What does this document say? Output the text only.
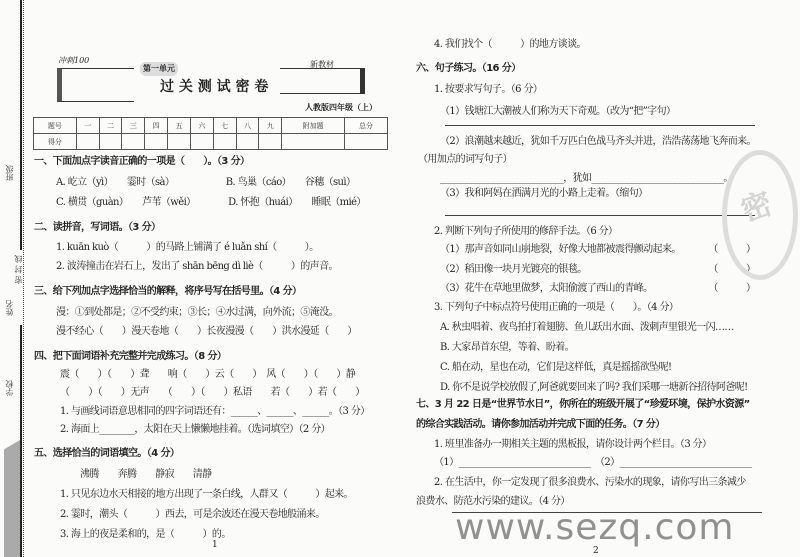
班级
姓名
密 封 线
学校
冲刺100
第一单元
过 关 测 试 密 卷
新教材
人教版四年级（上）
题号	一	二	三	四	五	六	七	八	九	附加题	总分
得分											
一、下面加点字读音正确的一项是（　　）。（3 分）
A. 屹立（yì）　　霎时（sà）　　　　　　B. 鸟巢（cáo）　　谷穗（suì）
C. 横贯（guàn）　　芦苇（wěi）　　　　D. 怀抱（huái）　　睡眠（mié）
二、读拼音，写词语。（3 分）
1. kuān kuò（　　　）的马路上铺满了 é luǎn shí（　　　）。
2. 波涛撞击在岩石上，发出了 shān bēng dì liè（　　　）的声音。
三、给下列加点字选择恰当的解释，将序号写在括号里。（4 分）
漫：①到处都是；②不受约束；③长；④水过满，向外流；⑤淹没。
漫不经心（　　）漫天卷地（　　）长夜漫漫（　　）洪水漫延（　　）
四、把下面词语补充完整并完成练习。（8 分）
震（　　）（　　）聋　　响（　　）云（　　）　风（　　）（　　）静
（　　）（　　）无声　　（　　）（　　）私语　　若（　　）若（　　）
1. 与画线词语意思相同的四字词语还有：______、______、______。（3 分）
2. 海面上________，太阳在天上懒懒地挂着。（选词填空）（2 分）
五、选择恰当的词语填空。（4 分）
沸腾　　奔腾　　静寂　　清静
1. 只见东边水天相接的地方出现了一条白线，人群又（　　　）起来。
2. 霎时，潮头（　　　）西去，可是余波还在漫天卷地般涌来。
3. 海上的夜是柔和的，是（　　　）的。
4. 我们找个（　　　）的地方谈谈。
六、句子练习。（16 分）
1. 按要求写句子。（6 分）
（1）钱塘江大潮被人们称为天下奇观。（改为“把”字句）
（2）浪潮越来越近，犹如千万匹白色战马齐头并进，浩浩荡荡地飞奔而来。
（用加点的词写句子）
____________________________，犹如______________________________。
（3）我和阿妈在洒满月光的小路上走着。（缩句）
2. 判断下列句子所使用的修辞手法。（6 分）
（1）那声音如同山崩地裂，好像大地都被震得颤动起来。　　　　（　　　）
（2）稻田像一块月光镀亮的银毯。　　　　　　　　　　　　　　（　　　）
（3）花牛在草地里做梦，太阳偷渡了西山的青峰。　　　　　　　（　　　）
3. 下列句子中标点符号使用正确的一项是（　　）。（4 分）
A. 秋虫唱着、夜鸟拍打着翅膀、鱼儿跃出水面、泼刺声里银光一闪……
B. 大家昂首东望，等着、盼着。
C. 船在动，星也在动，它们是这样低，真是摇摇欲坠呢!
D. 你不是说学校放假了,阿爸就要回来了吗? 我们采哪一塘新谷招待阿爸呢!
七、3 月 22 日是“世界节水日”，你所在的班级开展了“珍爱环境，保护水资源”
的综合实践活动。请你参加活动并完成下面的任务。（7 分）
1. 班里准备办一期相关主题的黑板报，请你设计两个栏目。（3 分）
（1）______________________________　（2）______________________________
2. 在生活中，你一定发现了很多浪费水、污染水的现象，请你写出三条减少
浪费水、防范水污染的建议。（4 分）
密
www.sezq.com
1
2
